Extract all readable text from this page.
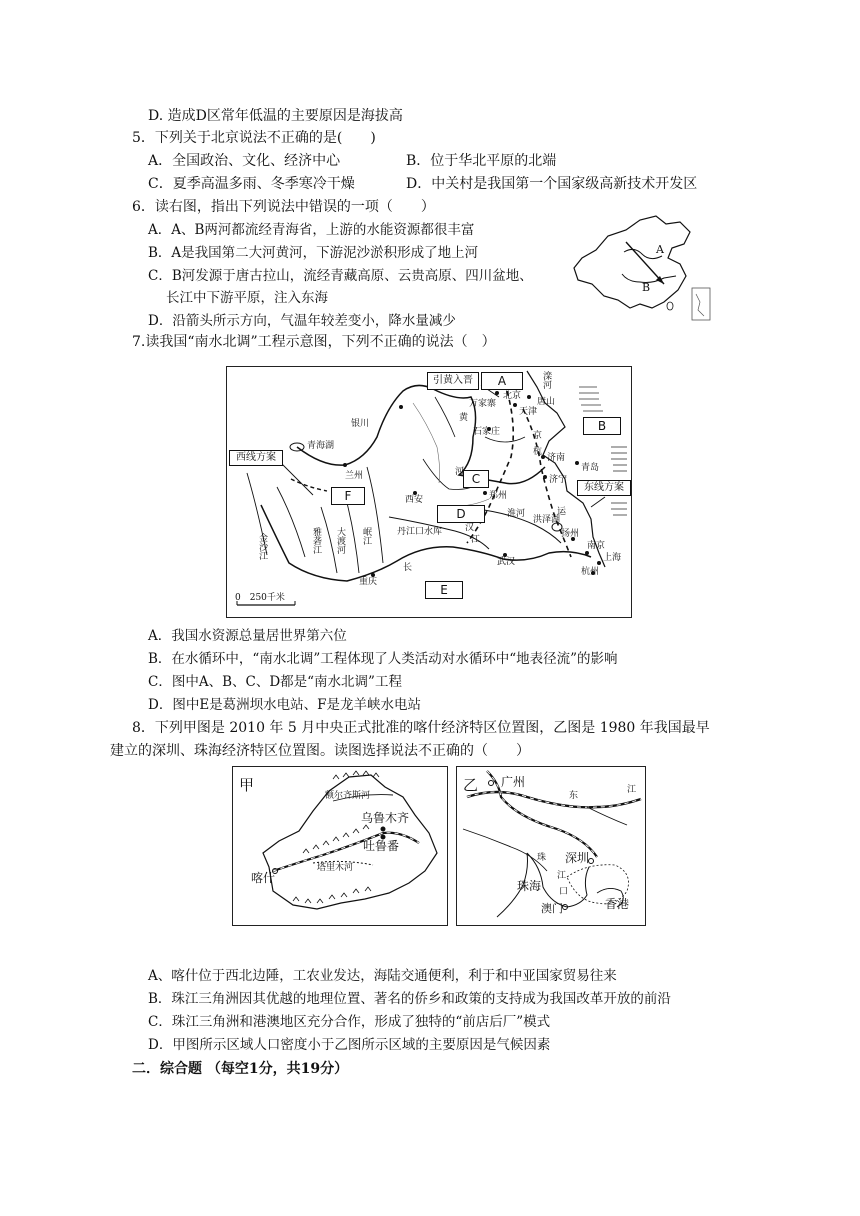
D. 造成D区常年低温的主要原因是海拔高
5．下列关于北京说法不正确的是(　　)
A．全国政治、文化、经济中心	B．位于华北平原的北端
C．夏季高温多雨、冬季寒冷干燥	D．中关村是我国第一个国家级高新技术开发区
6．读右图，指出下列说法中错误的一项（　　）
A．A、B两河都流经青海省，上游的水能资源都很丰富
B．A是我国第二大河黄河，下游泥沙淤积形成了地上河
C．B河发源于唐古拉山，流经青藏高原、云贵高原、四川盆地、
长江中下游平原，注入东海
D．沿箭头所示方向，气温年较差变小，降水量减少
A
B
7.读我国“南水北调”工程示意图，下列不正确的说法（　）
引黄入晋	A
B
C
D
E
F
西线方案
东线方案
万家寨
北京
天津
唐山
滦河
银川
青海湖
石家庄
黄
河
京
杭
济南
青岛
济宁
兰州
西安	郑州
洪泽湖
扬州
丹江口水库	汉
江
淮河
南京
杭州
上海
运
武汉
重庆
金沙江	雅砻江 大渡河 岷江
长
0　250千米
A．我国水资源总量居世界第六位
B．在水循环中，“南水北调”工程体现了人类活动对水循环中“地表径流”的影响
C．图中A、B、C、D都是“南水北调”工程
D．图中E是葛洲坝水电站、F是龙羊峡水电站
8．下列甲图是 2010 年 5 月中央正式批准的喀什经济特区位置图，乙图是 1980 年我国最早
建立的深圳、珠海经济特区位置图。读图选择说法不正确的（　　）
甲
额尔齐斯河
乌鲁木齐
吐鲁番
喀什
塔里木河
乙 广州
东
江
珠 深圳
珠海
江
口
澳门	香港
A、喀什位于西北边陲，工农业发达，海陆交通便利，利于和中亚国家贸易往来
B．珠江三角洲因其优越的地理位置、著名的侨乡和政策的支持成为我国改革开放的前沿
C．珠江三角洲和港澳地区充分合作，形成了独特的“前店后厂”模式
D．甲图所示区域人口密度小于乙图所示区域的主要原因是气候因素
二．综合题 （每空1分，共19分）
